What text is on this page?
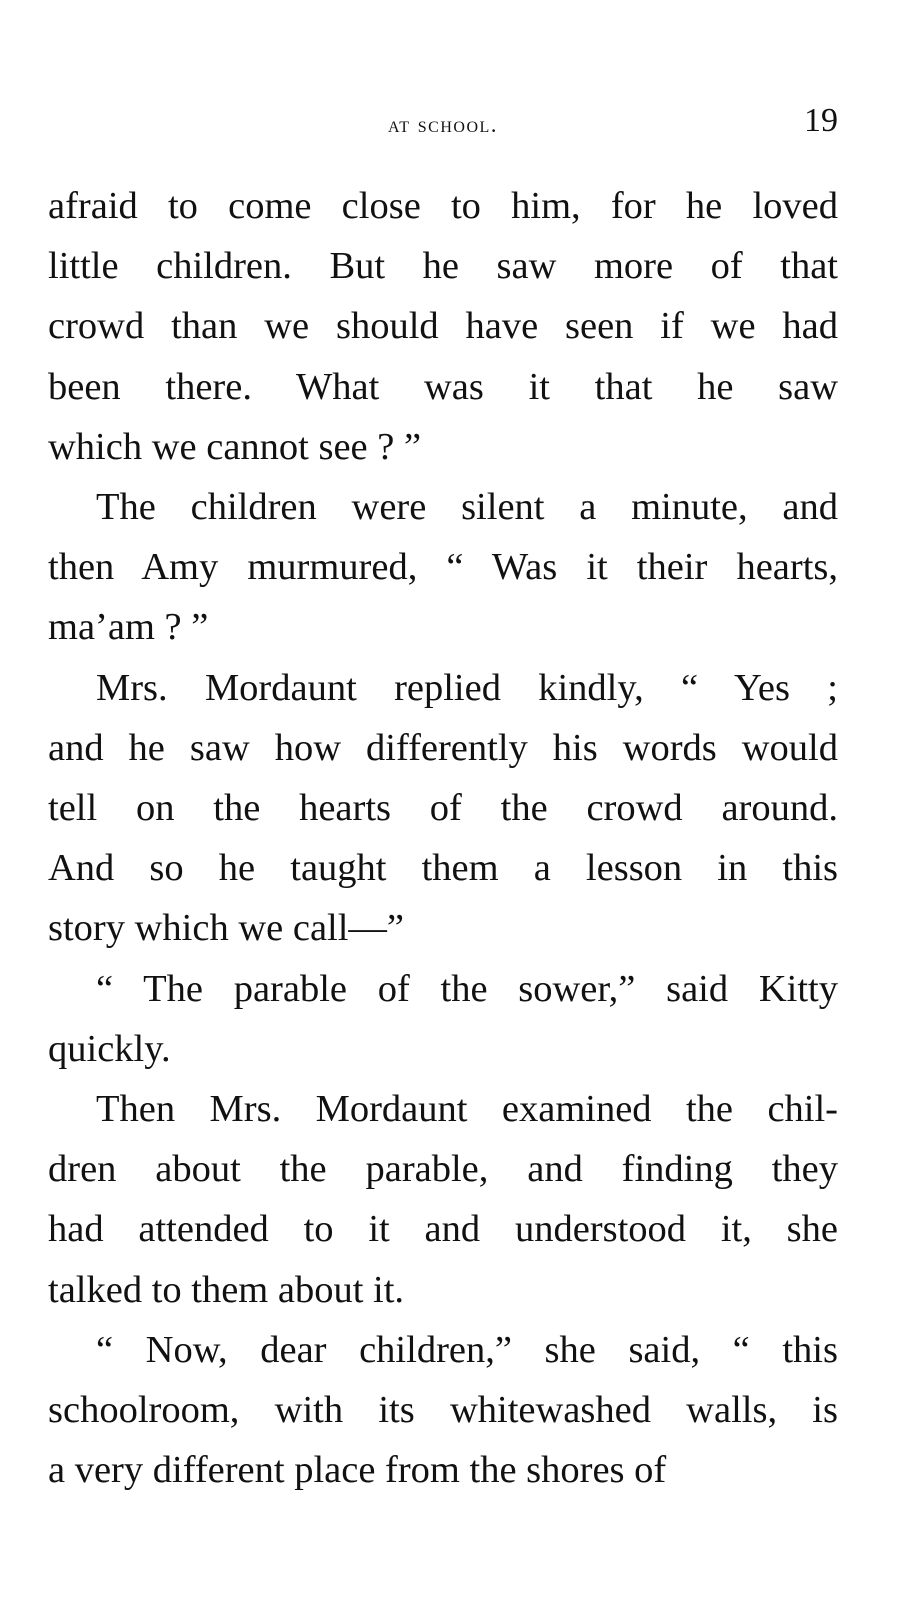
at school.	19

afraid to come close to him, for he loved
little children. But he saw more of that
crowd than we should have seen if we had
been there. What was it that he saw
which we cannot see ? ”

The children were silent a minute, and
then Amy murmured, “ Was it their hearts,
ma’am ? ”

Mrs. Mordaunt replied kindly, “ Yes ;
and he saw how differently his words would
tell on the hearts of the crowd around.
And so he taught them a lesson in this
story which we call—”

“ The parable of the sower,” said Kitty
quickly.

Then Mrs. Mordaunt examined the chil-
dren about the parable, and finding they
had attended to it and understood it, she
talked to them about it.

“ Now, dear children,” she said, “ this
schoolroom, with its whitewashed walls, is
a very different place from the shores of
